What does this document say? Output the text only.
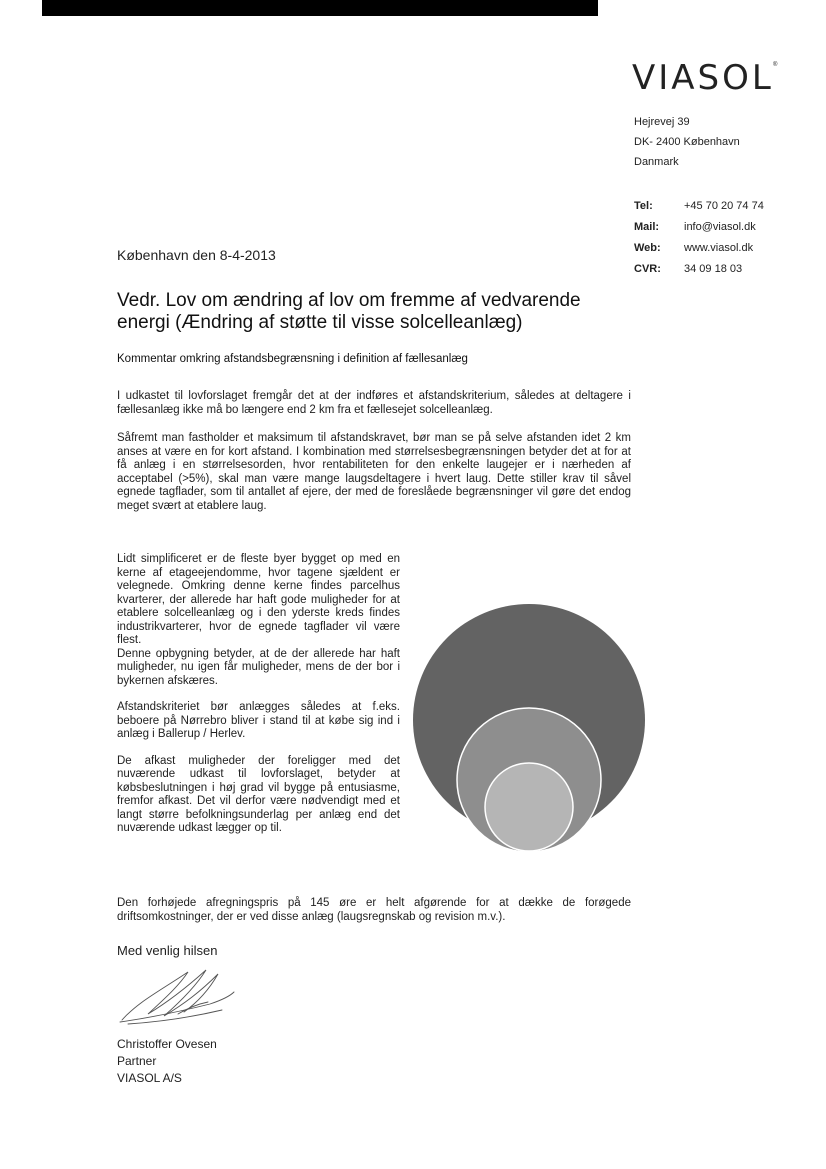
VIASOL ®
Hejrevej 39
DK- 2400 København
Danmark
Tel:	+45 70 20 74 74
Mail:	info@viasol.dk
Web:	www.viasol.dk
CVR:	34 09 18 03
København den 8-4-2013
Vedr. Lov om ændring af lov om fremme af vedvarende energi (Ændring af støtte til visse solcelleanlæg)
Kommentar omkring afstandsbegrænsning i definition af fællesanlæg

I udkastet til lovforslaget fremgår det at der indføres et afstandskriterium, således at deltagere i fællesanlæg ikke må bo længere end 2 km fra et fællesejet solcelleanlæg.

Såfremt man fastholder et maksimum til afstandskravet, bør man se på selve afstanden idet 2 km anses at være en for kort afstand. I kombination med størrelsesbegrænsningen betyder det at for at få anlæg i en størrelsesorden, hvor rentabiliteten for den enkelte laugejer er i nærheden af acceptabel (>5%), skal man være mange laugsdeltagere i hvert laug. Dette stiller krav til såvel egnede tagflader, som til antallet af ejere, der med de foreslåede begrænsninger vil gøre det endog meget svært at etablere laug.

Lidt simplificeret er de fleste byer bygget op med en kerne af etageejendomme, hvor tagene sjældent er velegnede. Omkring denne kerne findes parcelhus kvarterer, der allerede har haft gode muligheder for at etablere solcelleanlæg og i den yderste kreds findes industrikvarterer, hvor de egnede tagflader vil være flest.

Denne opbygning betyder, at de der allerede har haft muligheder, nu igen får muligheder, mens de der bor i bykernen afskæres.

Afstandskriteriet bør anlægges således at f.eks. beboere på Nørrebro bliver i stand til at købe sig ind i anlæg i Ballerup / Herlev.

De afkast muligheder der foreligger med det nuværende udkast til lovforslaget, betyder at købsbeslutningen i høj grad vil bygge på entusiasme, fremfor afkast. Det vil derfor være nødvendigt med et langt større befolkningsunderlag per anlæg end det nuværende udkast lægger op til.

Den forhøjede afregningspris på 145 øre er helt afgørende for at dække de forøgede driftsomkostninger, der er ved disse anlæg (laugsregnskab og revision m.v.).

Med venlig hilsen
Christoffer Ovesen
Partner
VIASOL A/S
